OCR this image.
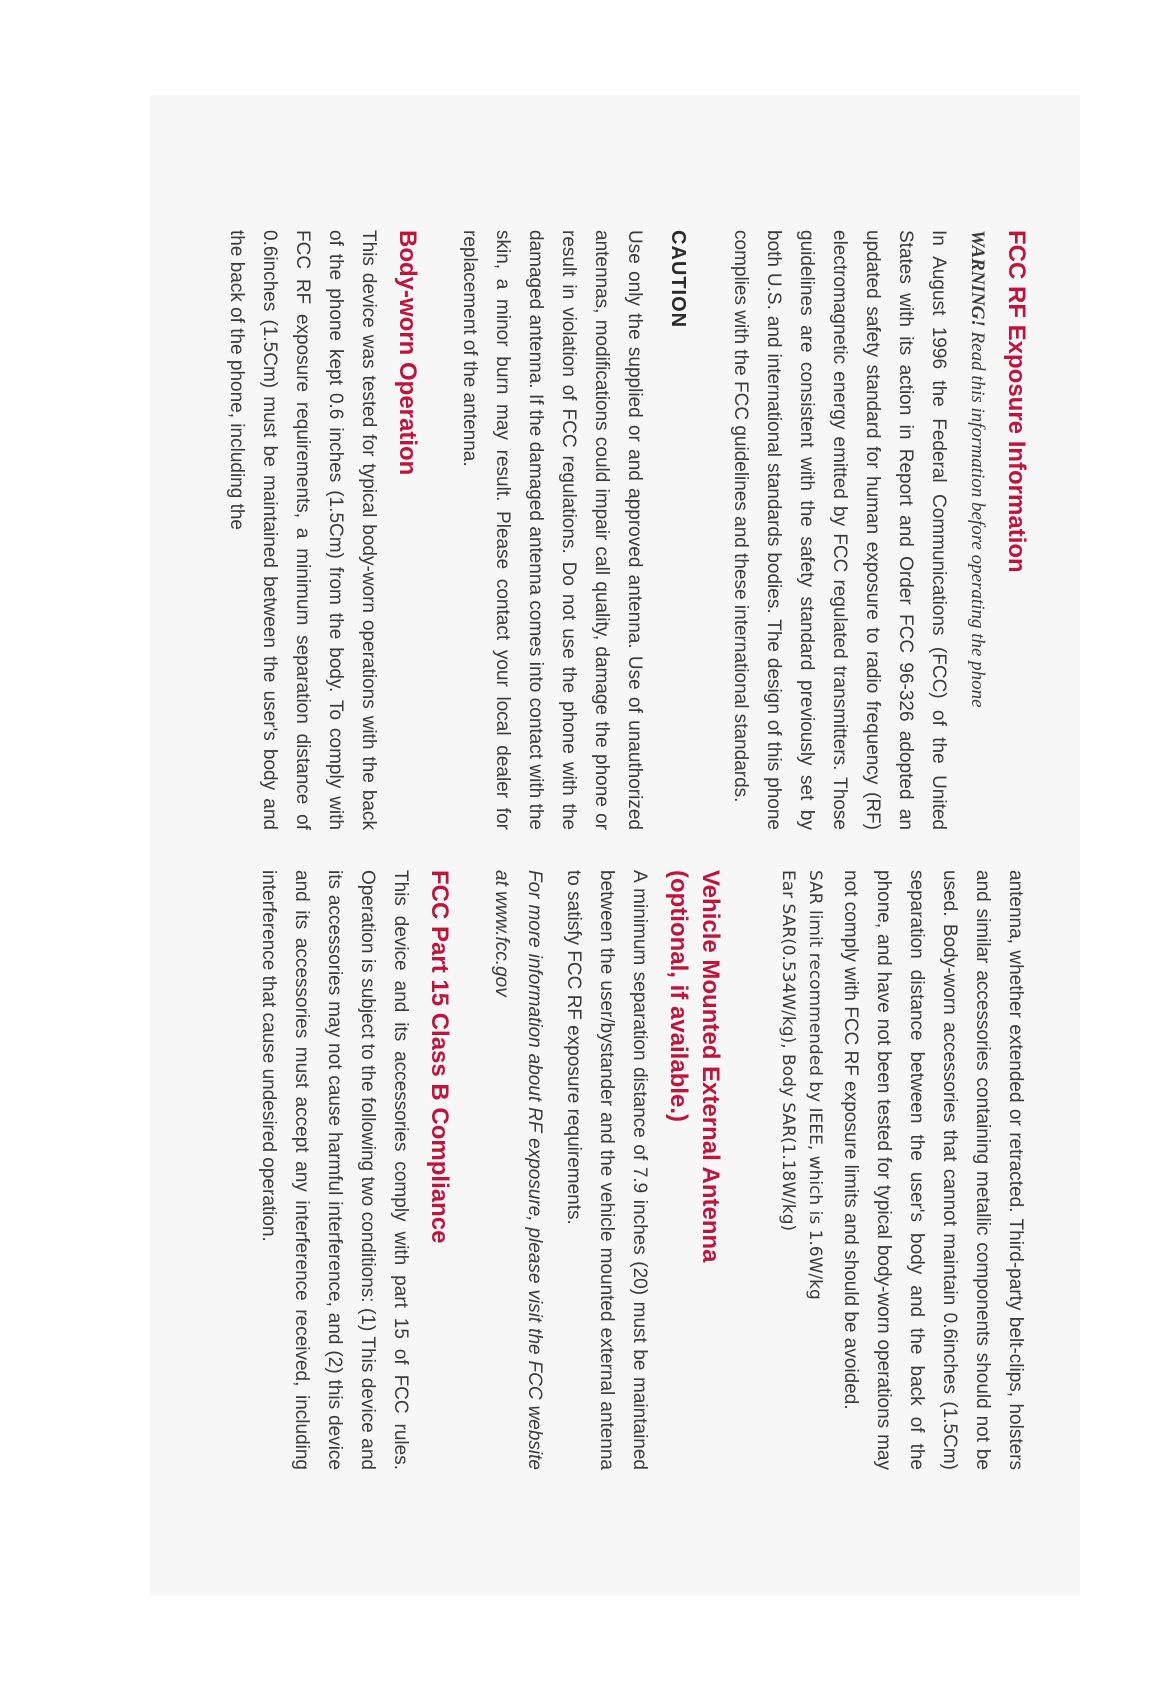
FCC RF Exposure Information

WARNING! Read this information before operating the phone

In August 1996 the Federal Communications (FCC) of the United States with its action in Report and Order FCC 96-326 adopted an updated safety standard for human exposure to radio frequency (RF) electromagnetic energy emitted by FCC regulated transmitters. Those guidelines are consistent with the safety standard previously set by both U.S. and international standards bodies. The design of this phone complies with the FCC guidelines and these international standards.

CAUTION

Use only the supplied or and approved antenna. Use of unauthorized antennas, modifications could impair call quality, damage the phone or result in violation of FCC regulations. Do not use the phone with the damaged antenna. If the damaged antenna comes into contact with the skin, a minor burn may result. Please contact your local dealer for replacement of the antenna.

Body-worn Operation

This device was tested for typical body-worn operations with the back of the phone kept 0.6 inches (1.5Cm) from the body. To comply with FCC RF exposure requirements, a minimum separation distance of 0.6inches (1.5Cm) must be maintained between the user's body and the back of the phone, including the

antenna, whether extended or retracted. Third-party belt-clips, holsters and similar accessories containing metallic components should not be used. Body-worn accessories that cannot maintain 0.6inches (1.5Cm) separation distance between the user's body and the back of the phone, and have not been tested for typical body-worn operations may not comply with FCC RF exposure limits and should be avoided.

SAR limit recommended by IEEE, which is 1.6W/kg
Ear SAR(0.534W/kg), Body SAR(1.18W/kg)
Vehicle Mounted External Antenna
(optional, if available.)

A minimum separation distance of 7.9 inches (20) must be maintained between the user/bystander and the vehicle mounted external antenna to satisfy FCC RF exposure requirements.

For more information about RF exposure, please visit the FCC website at www.fcc.gov

FCC Part 15 Class B Compliance

This device and its accessories comply with part 15 of FCC rules. Operation is subject to the following two conditions: (1) This device and its accessories may not cause harmful interference, and (2) this device and its accessories must accept any interference received, including interference that cause undesired operation.
